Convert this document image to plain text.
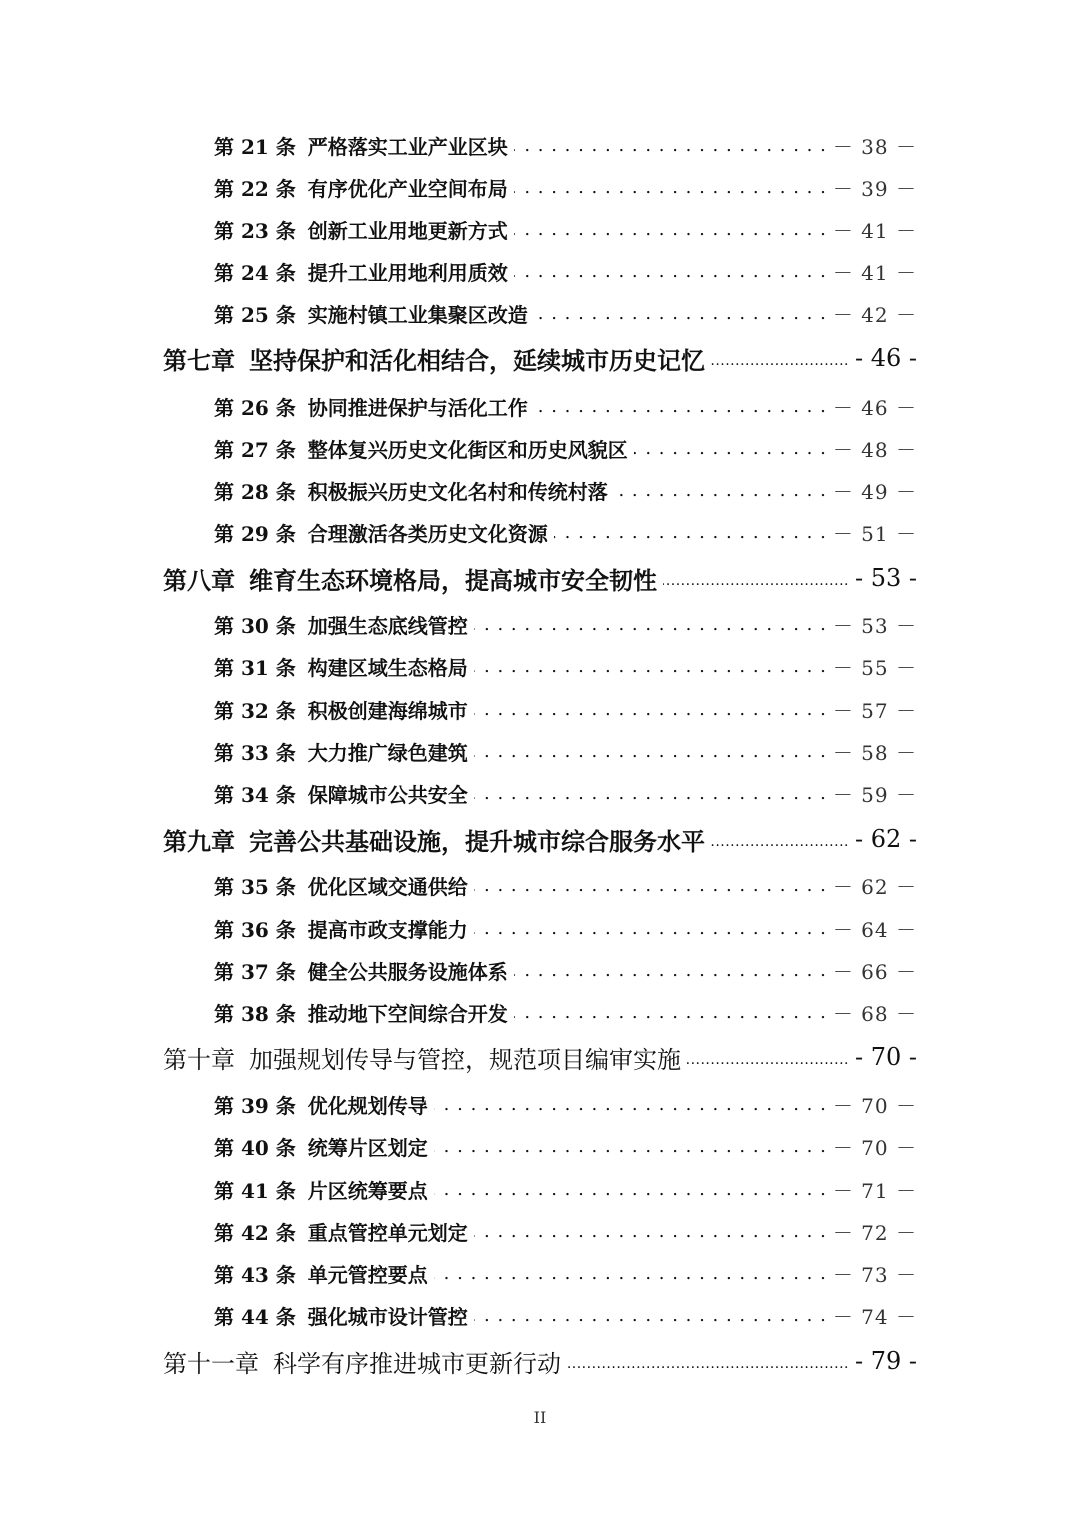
第 21 条 严格落实工业产业区块 . . .	－ 38 －
第 22 条 有序优化产业空间布局 . . .	－ 39 －
第 23 条 创新工业用地更新方式 . . .	－ 41 －
第 24 条 提升工业用地利用质效 . . .	－ 41 －
第 25 条 实施村镇工业集聚区改造 . . .	－ 42 －
第七章 坚持保护和活化相结合，延续城市历史记忆 .....	- 46 -
第 26 条 协同推进保护与活化工作 . . .	－ 46 －
第 27 条 整体复兴历史文化街区和历史风貌区 . . .	－ 48 －
第 28 条 积极振兴历史文化名村和传统村落 . . .	－ 49 －
第 29 条 合理激活各类历史文化资源 . . .	－ 51 －
第八章 维育生态环境格局，提高城市安全韧性 .....	- 53 -
第 30 条 加强生态底线管控 . . .	－ 53 －
第 31 条 构建区域生态格局 . . .	－ 55 －
第 32 条 积极创建海绵城市 . . .	－ 57 －
第 33 条 大力推广绿色建筑 . . .	－ 58 －
第 34 条 保障城市公共安全 . . .	－ 59 －
第九章 完善公共基础设施，提升城市综合服务水平 .....	- 62 -
第 35 条 优化区域交通供给 . . .	－ 62 －
第 36 条 提高市政支撑能力 . . .	－ 64 －
第 37 条 健全公共服务设施体系 . . .	－ 66 －
第 38 条 推动地下空间综合开发 . . .	－ 68 －
第十章 加强规划传导与管控，规范项目编审实施 .....	- 70 -
第 39 条 优化规划传导 . . .	－ 70 －
第 40 条 统筹片区划定 . . .	－ 70 －
第 41 条 片区统筹要点 . . .	－ 71 －
第 42 条 重点管控单元划定 . . .	－ 72 －
第 43 条 单元管控要点 . . .	－ 73 －
第 44 条 强化城市设计管控 . . .	－ 74 －
第十一章 科学有序推进城市更新行动 .....	- 79 -
II
